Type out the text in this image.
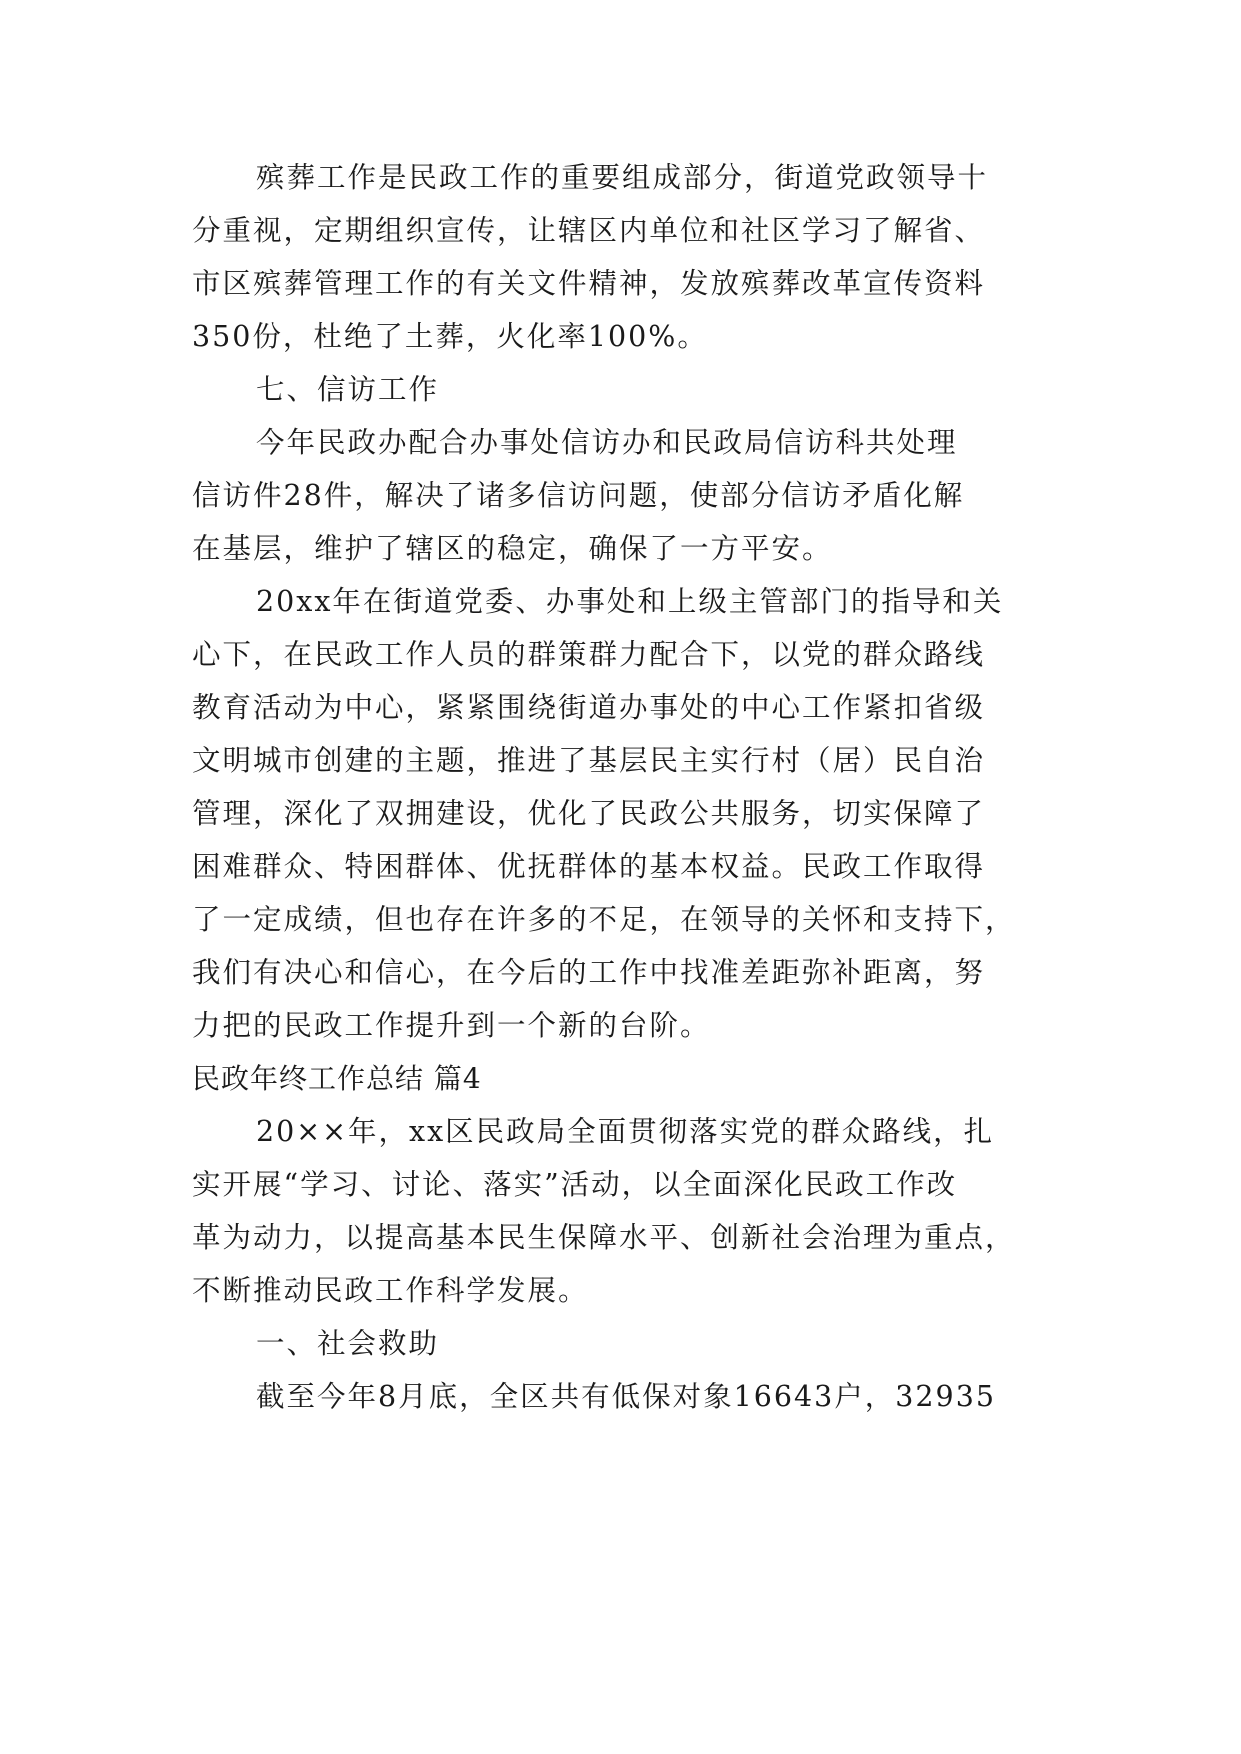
殡葬工作是民政工作的重要组成部分，街道党政领导十
分重视，定期组织宣传，让辖区内单位和社区学习了解省、
市区殡葬管理工作的有关文件精神，发放殡葬改革宣传资料
350份，杜绝了土葬，火化率100%。
七、信访工作
今年民政办配合办事处信访办和民政局信访科共处理
信访件28件，解决了诸多信访问题，使部分信访矛盾化解
在基层，维护了辖区的稳定，确保了一方平安。
20xx年在街道党委、办事处和上级主管部门的指导和关
心下，在民政工作人员的群策群力配合下，以党的群众路线
教育活动为中心，紧紧围绕街道办事处的中心工作紧扣省级
文明城市创建的主题，推进了基层民主实行村（居）民自治
管理，深化了双拥建设，优化了民政公共服务，切实保障了
困难群众、特困群体、优抚群体的基本权益。民政工作取得
了一定成绩，但也存在许多的不足，在领导的关怀和支持下，
我们有决心和信心，在今后的工作中找准差距弥补距离，努
力把的民政工作提升到一个新的台阶。
民政年终工作总结 篇4
20××年，xx区民政局全面贯彻落实党的群众路线，扎
实开展“学习、讨论、落实”活动，以全面深化民政工作改
革为动力，以提高基本民生保障水平、创新社会治理为重点，
不断推动民政工作科学发展。
一、社会救助
截至今年8月底，全区共有低保对象16643户，32935
